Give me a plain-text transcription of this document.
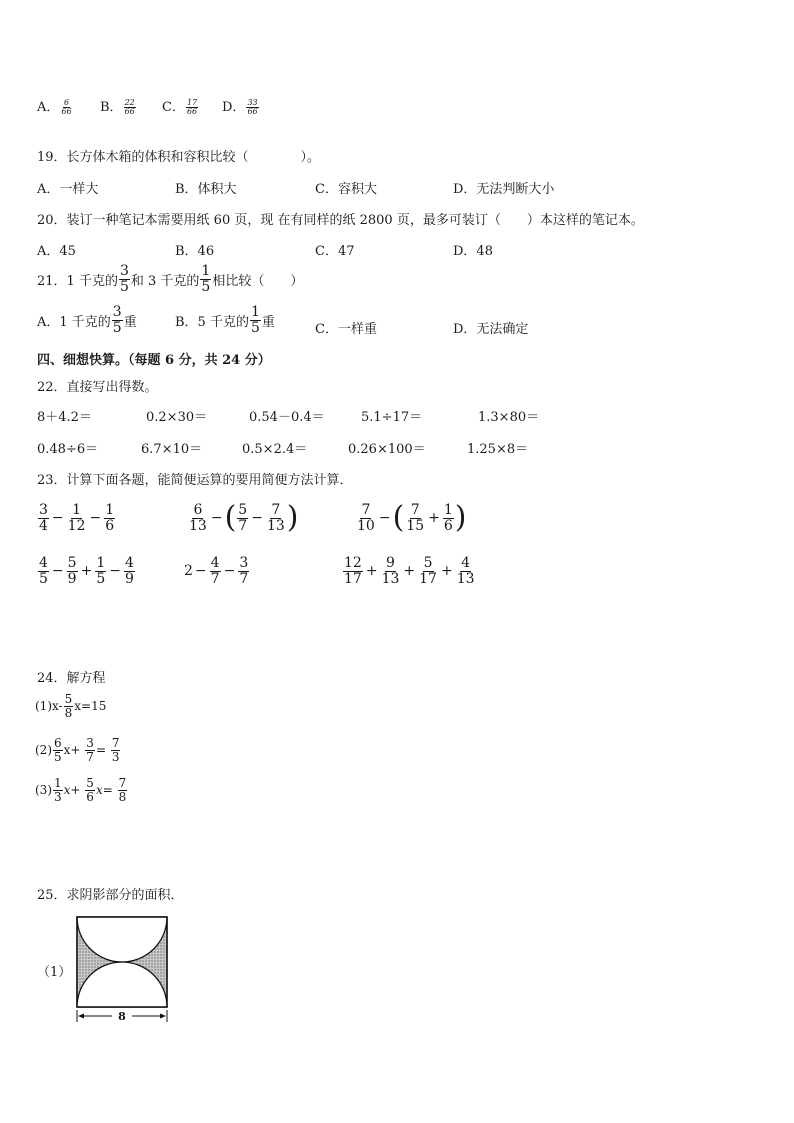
A． $\frac{6}{66}$ B． $\frac{22}{66}$ C． $\frac{17}{66}$ D． $\frac{33}{66}$
19．长方体木箱的体积和容积比较（　　　　）。
A．一样大	B．体积大	C．容积大	D．无法判断大小
20．装订一种笔记本需要用纸 60 页，现 在有同样的纸 2800 页，最多可装订（　　）本这样的笔记本。
A．45	B．46	C．47	D．48
21．1 千克的 $\frac{3}{5}$ 和 3 千克的 $\frac{1}{5}$ 相比较（　　）
A．1 千克的 $\frac{3}{5}$ 重	B．5 千克的 $\frac{1}{5}$ 重	C．一样重	D．无法确定
四、细想快算。（每题 6 分，共 24 分）
22．直接写出得数。
8＋4.2＝	0.2×30＝	0.54－0.4＝	5.1÷17＝	1.3×80＝
0.48÷6＝	6.7×10＝	0.5×2.4＝	0.26×100＝	1.25×8＝
23．计算下面各题，能简便运算的要用简便方法计算．
$\frac{3}{4} - \frac{1}{12} - \frac{1}{6}$	$\frac{6}{13}$ − ( $\frac{5}{7} - \frac{7}{13}$ )	$\frac{7}{10}$ − ( $\frac{7}{15} + \frac{1}{6}$ )
$\frac{4}{5} - \frac{5}{9} + \frac{1}{5} - \frac{4}{9}$	$2 - \frac{4}{7} - \frac{3}{7}$	$\frac{12}{17} + \frac{9}{13} + \frac{5}{17} + \frac{4}{13}$
24．解方程
$(1)x- \frac{5}{8} x=15$
$(2) \frac{6}{5} x+$
$\frac{3}{7}$ =
$\frac{7}{3}$
$(3) \frac{1}{3} x+$
$\frac{5}{6} x=$
$\frac{7}{8}$
25．求阴影部分的面积．
（1）
8
